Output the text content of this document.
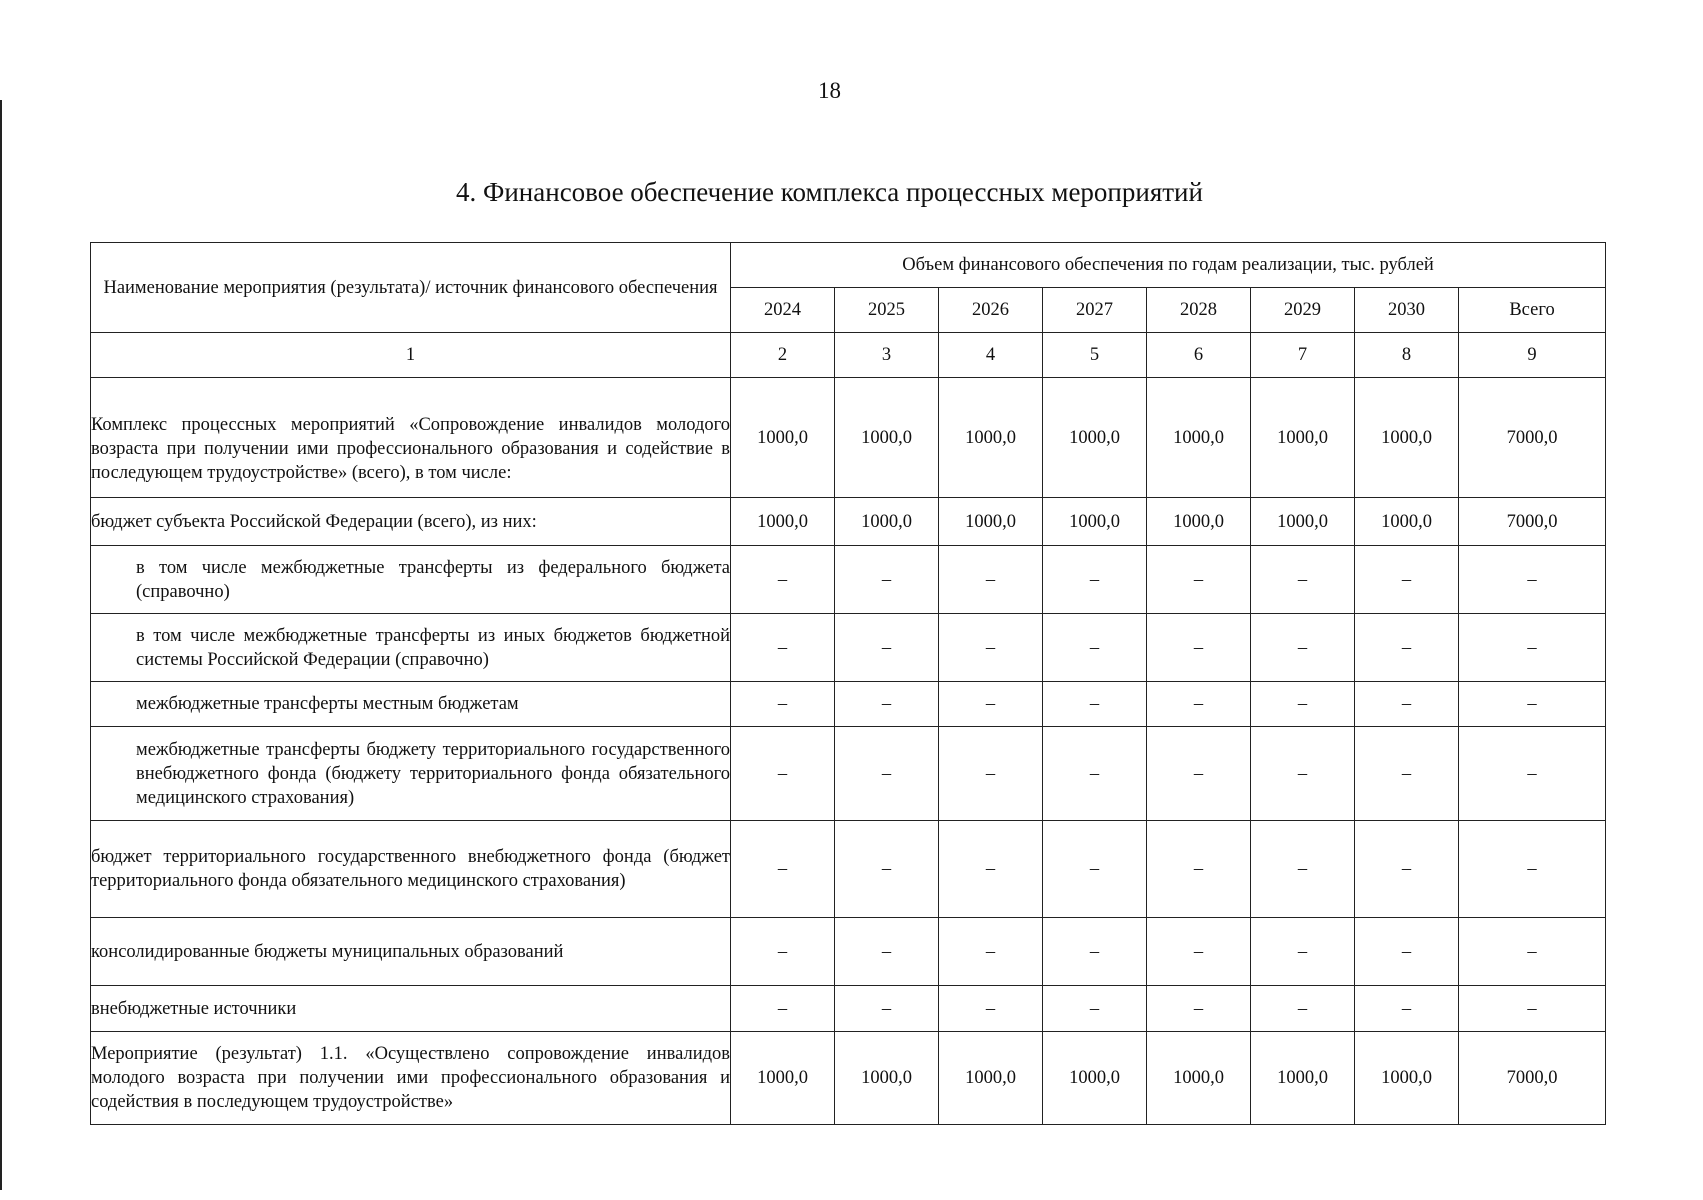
18
4. Финансовое обеспечение комплекса процессных мероприятий
Наименование мероприятия (результата)/ источник финансового обеспечения	Объем финансового обеспечения по годам реализации, тыс. рублей							
	2024	2025	2026	2027	2028	2029	2030	Всего
1	2	3	4	5	6	7	8	9
Комплекс процессных мероприятий «Сопровождение инвалидов молодого возраста при получении ими профессионального образования и содействие в последующем трудоустройстве» (всего), в том числе:	1000,0	1000,0	1000,0	1000,0	1000,0	1000,0	1000,0	7000,0
бюджет субъекта Российской Федерации (всего), из них:	1000,0	1000,0	1000,0	1000,0	1000,0	1000,0	1000,0	7000,0
в том числе межбюджетные трансферты из федерального бюджета (справочно)	–	–	–	–	–	–	–	–
в том числе межбюджетные трансферты из иных бюджетов бюджетной системы Российской Федерации (справочно)	–	–	–	–	–	–	–	–
межбюджетные трансферты местным бюджетам	–	–	–	–	–	–	–	–
межбюджетные трансферты бюджету территориального государственного внебюджетного фонда (бюджету территориального фонда обязательного медицинского страхования)	–	–	–	–	–	–	–	–
бюджет территориального государственного внебюджетного фонда (бюджет территориального фонда обязательного медицинского страхования)	–	–	–	–	–	–	–	–
консолидированные бюджеты муниципальных образований	–	–	–	–	–	–	–	–
внебюджетные источники	–	–	–	–	–	–	–	–
Мероприятие (результат) 1.1. «Осуществлено сопровождение инвалидов молодого возраста при получении ими профессионального образования и содействия в последующем трудоустройстве»	1000,0	1000,0	1000,0	1000,0	1000,0	1000,0	1000,0	7000,0
